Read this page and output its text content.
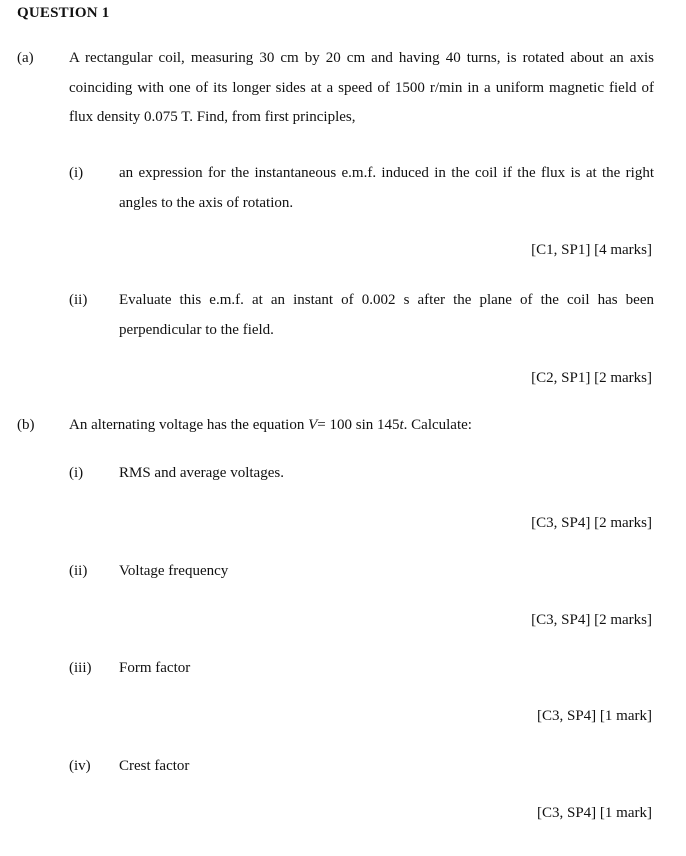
QUESTION 1
(a) A rectangular coil, measuring 30 cm by 20 cm and having 40 turns, is rotated about an axis coinciding with one of its longer sides at a speed of 1500 r/min in a uniform magnetic field of flux density 0.075 T. Find, from first principles,
(i) an expression for the instantaneous e.m.f. induced in the coil if the flux is at the right angles to the axis of rotation.
[C1, SP1] [4 marks]
(ii) Evaluate this e.m.f. at an instant of 0.002 s after the plane of the coil has been perpendicular to the field.
[C2, SP1] [2 marks]
(b) An alternating voltage has the equation V= 100 sin 145t. Calculate:
(i) RMS and average voltages.
[C3, SP4] [2 marks]
(ii) Voltage frequency
[C3, SP4] [2 marks]
(iii) Form factor
[C3, SP4] [1 mark]
(iv) Crest factor
[C3, SP4] [1 mark]
